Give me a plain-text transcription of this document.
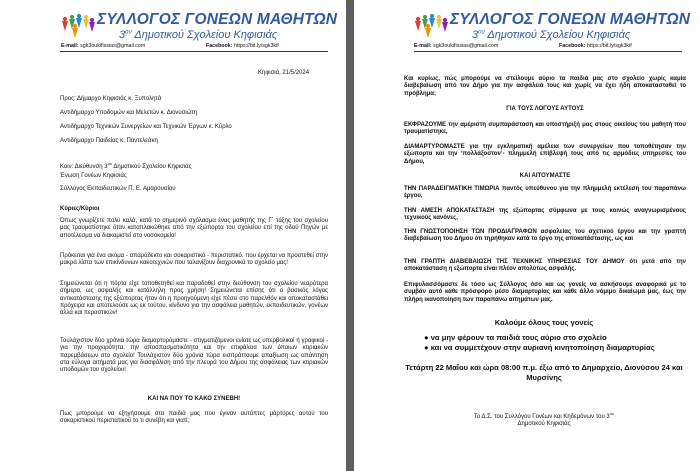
ΣΥΛΛΟΓΟΣ ΓΟΝΕΩΝ ΜΑΘΗΤΩΝ
$3^{o\upsilon}$ Δημοτικού Σχολείου Κηφισιάς
E-mail: sgk3oukifissias@gmail.com	Facebook: https://bit.ly/sgk3kif
Κηφισιά, 21/5/2024
Προς: Δήμαρχο Κηφισιάς κ. Ξυπολητά
Αντιδήμαρχο Υποδομών και Μελετών κ. Διονυσιώτη
Αντιδήμαρχο Τεχνικών Συνεργείων και Τεχνικών Έργων κ. Κύρλο
Αντιδήμαρχο Παιδείας κ. Παντελεάκη
Κοιν: Διεύθυνση $3^{o\upsilon}$ Δημοτικού Σχολείου Κηφισιάς
Ένωση Γονέων Κηφισιάς
Σύλλογος Εκπαιδευτικών Π. Ε. Αμαρουσίου
Κύριες/Κύριοι
Όπως γνωρίζετε πολύ καλά, κατά το σημερινό σχόλασμα ένας μαθητής της Γ΄ τάξης του σχολείου μας τραυματίστηκε όταν καταπλακώθηκε από την εξώπορτα του σχολείου επί της οδού Πηγών με αποτέλεσμα να διακομιστεί στο νοσοκομείο!
Πρόκειται για ένα ακόμα - απαράδεκτο και σοκαριστικό - περιστατικό, που έρχεται να προστεθεί στην μακρά λίστα των επικίνδυνων κακοτεχνιών που ταλανίζουν διαχρονικά το σχολείο μας!
Σημειώνεται ότι η πόρτα είχε τοποθετηθεί και παραδοθεί στην διεύθυνση του σχολείου νεαρότερα σήμερα, ως ασφαλής και κατάλληλη προς χρήση! Σημειώνεται επίσης ότι ο βασικός λόγος αντικατάστασης της εξώπορτας ήταν ότι η προηγούμενη είχε πέσει στο παρελθόν και αποκαταστάθει πρόχειρα και αποτελούσε ως εκ τούτου, κίνδυνο για την ασφάλεια μαθητών, εκπαιδευτικών, γονέων αλλά και περαστικών!
Τουλάχιστον δύο χρόνια τώρα διαμαρτυρόμαστε - στιγματιζόμενοι ενίοτε ως υπερβολικοί ή γραφικοί - για την προχειρότητα, την αποσπασματικότητα και την επιφάλεια των όποιων κτιριακών παρεμβάσεων στο σχολείο! Τουλάχιστον δύο χρόνια τώρα εισπράττουμε απαξίωση ως απάντηση στα εύλογα αιτήματά μας για διασφάλιση από την πλευρά του Δήμου της ασφάλειας των κτιριακών υποδομών του σχολείου!
ΚΑΙ ΝΑ ΠΟΥ ΤΟ ΚΑΚΟ ΣΥΝΕΒΗ!
Πως μπορούμε να εξηγήσουμε στα παιδιά μας που έγιναν αυτόπτες μάρτυρες αυτού του σοκαριστικού περιστατικού το τι συνέβη και γιατί;
ΣΥΛΛΟΓΟΣ ΓΟΝΕΩΝ ΜΑΘΗΤΩΝ
$3^{o\upsilon}$ Δημοτικού Σχολείου Κηφισιάς
E-mail: sgk3oukifissias@gmail.com	Facebook: https://bit.ly/sgk3kif
Και κυρίως, πώς μπορούμε να στείλουμε αύριο τα παιδιά μας στο σχολείο χωρίς καμία διαβεβαίωση από τον Δήμο για την ασφάλειά τους και χωρίς να έχει ήδη αποκατασταθεί το πρόβλημα;
ΓΙΑ ΤΟΥΣ ΛΟΓΟΥΣ ΑΥΤΟΥΣ
ΕΚΦΡΑΖΟΥΜΕ την αμέριστη συμπαράσταση και υποστήριξή μας στους οικείους του μαθητή που τραυματίστηκε,
ΔΙΑΜΑΡΤΥΡΟΜΑΣΤΕ για την εγκληματική αμέλεια των συνεργείων που τοποθέτησαν την εξώπορτα και την ‘πολλάξοστον’- πλημμελή επίβλεψή τους από τις αρμόδιες υπηρεσίες του Δήμου,
ΚΑΙ ΑΙΤΟΥΜΑΣΤΕ
ΤΗΝ ΠΑΡΑΔΕΙΓΜΑΤΙΚΗ ΤΙΜΩΡΙΑ παντός υπεύθυνου για την πλημμελή εκτέλεση του παραπάνω έργου,
ΤΗΝ ΑΜΕΣΗ ΑΠΟΚΑΤΑΣΤΑΣΗ της εξώπορτας σύμφωνα με τους κοινώς αναγνωρισμένους τεχνικούς κανόνες,
ΤΗΝ ΓΝΩΣΤΟΠΟΙΗΣΗ ΤΩΝ ΠΡΟΔΙΑΓΡΑΦΩΝ ασφαλείας του σχετικού έργου και την γραπτή διαβεβαίωση του Δήμου ότι τηρήθηκαν κατά το έργο της αποκατάστασης, ως και
ΤΗΝ ΓΡΑΠΤΗ ΔΙΑΒΕΒΑΙΩΣΗ ΤΗΣ ΤΕΧΝΙΚΗΣ ΥΠΗΡΕΣΙΑΣ ΤΟΥ ΔΗΜΟΥ ότι μετά από την αποκατάσταση η εξώπορτα είναι πλέον απολύτως ασφαλής.
Επιφυλασσόμαστε δε τόσο ως Σύλλογος όσο και ως γονείς να ασκήσουμε αναφορικά με το συμβάν αυτό κάθε πρόσφορο μέσο διαμαρτυρίας και κάθε άλλο νόμιμο δικαίωμά μας, έως την πλήρη ικανοποίηση των παραπάνω αιτημάτων μας.
Καλούμε όλους τους γονείς
● να μην φέρουν τα παιδιά τους αύριο στο σχολείο
● και να συμμετέχουν στην αυριανή κινητοποίηση διαμαρτυρίας
Τετάρτη 22 Μαΐου και ώρα 08:00 π.μ. έξω από το Δημαρχείο, Διονύσου 24 και Μυρσίνης
Το Δ.Σ. του Συλλόγου Γονέων και Κηδεμόνων του $3^{o\upsilon}$
Δημοτικού Κηφισιάς
